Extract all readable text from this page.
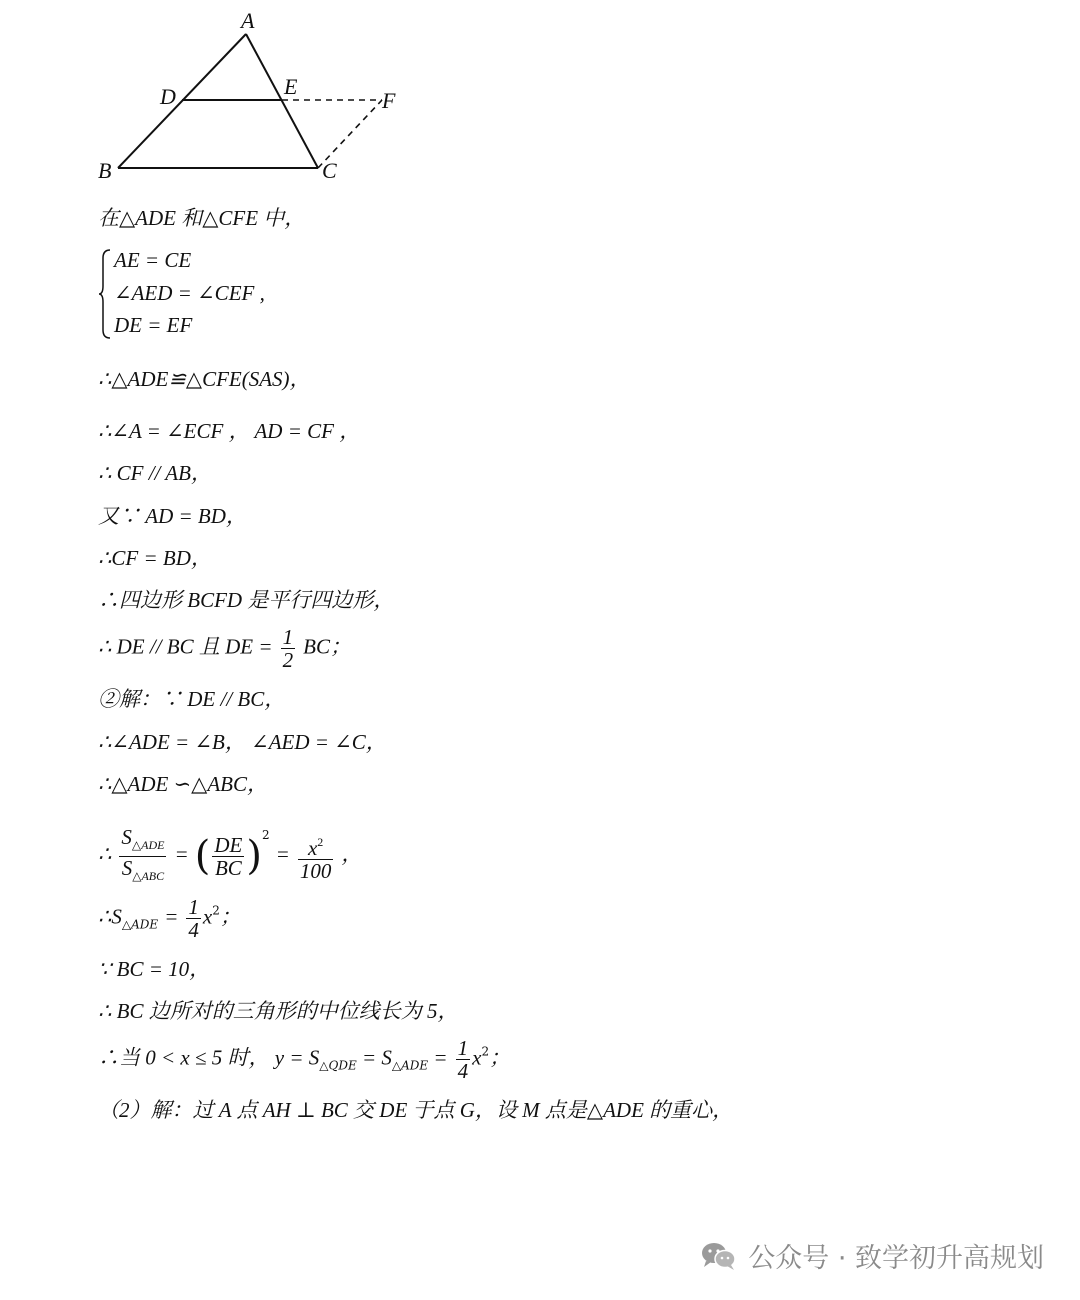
A
B	C
D	E
F
在△ADE 和△CFE 中，
AE = CE
∠AED = ∠CEF ,
DE = EF
∴△ADE≌△CFE(SAS)，
∴∠A = ∠ECF ， AD = CF ，
∴ CF // AB，
又∵ AD = BD，
∴CF = BD，
∴四边形 BCFD 是平行四边形，
∴ DE // BC 且 DE = $\frac{1}{2}$ BC；
②解：∵ DE // BC，
∴∠ADE = ∠B， ∠AED = ∠C，
∴△ADE ∽△ABC，
∴ $\frac{S_{\triangle ADE}}{S_{\triangle ABC}}$ = ( $\frac{DE}{BC} )^2 = \frac{x^2}{100}$ ，
$\therefore S_{\triangle ADE} = \frac{1}{4} x^2$；
∵ BC = 10，
∴ BC 边所对的三角形的中位线长为 5，
∴当 0 < x ≤ 5 时， $y = S_{\triangle QDE} = S_{\triangle ADE} = \frac{1}{4} x^2$；
（2）解：过 A 点 AH ⊥ BC 交 DE 于点 G，设 M 点是△ADE 的重心，
公众号 · 致学初升高规划
